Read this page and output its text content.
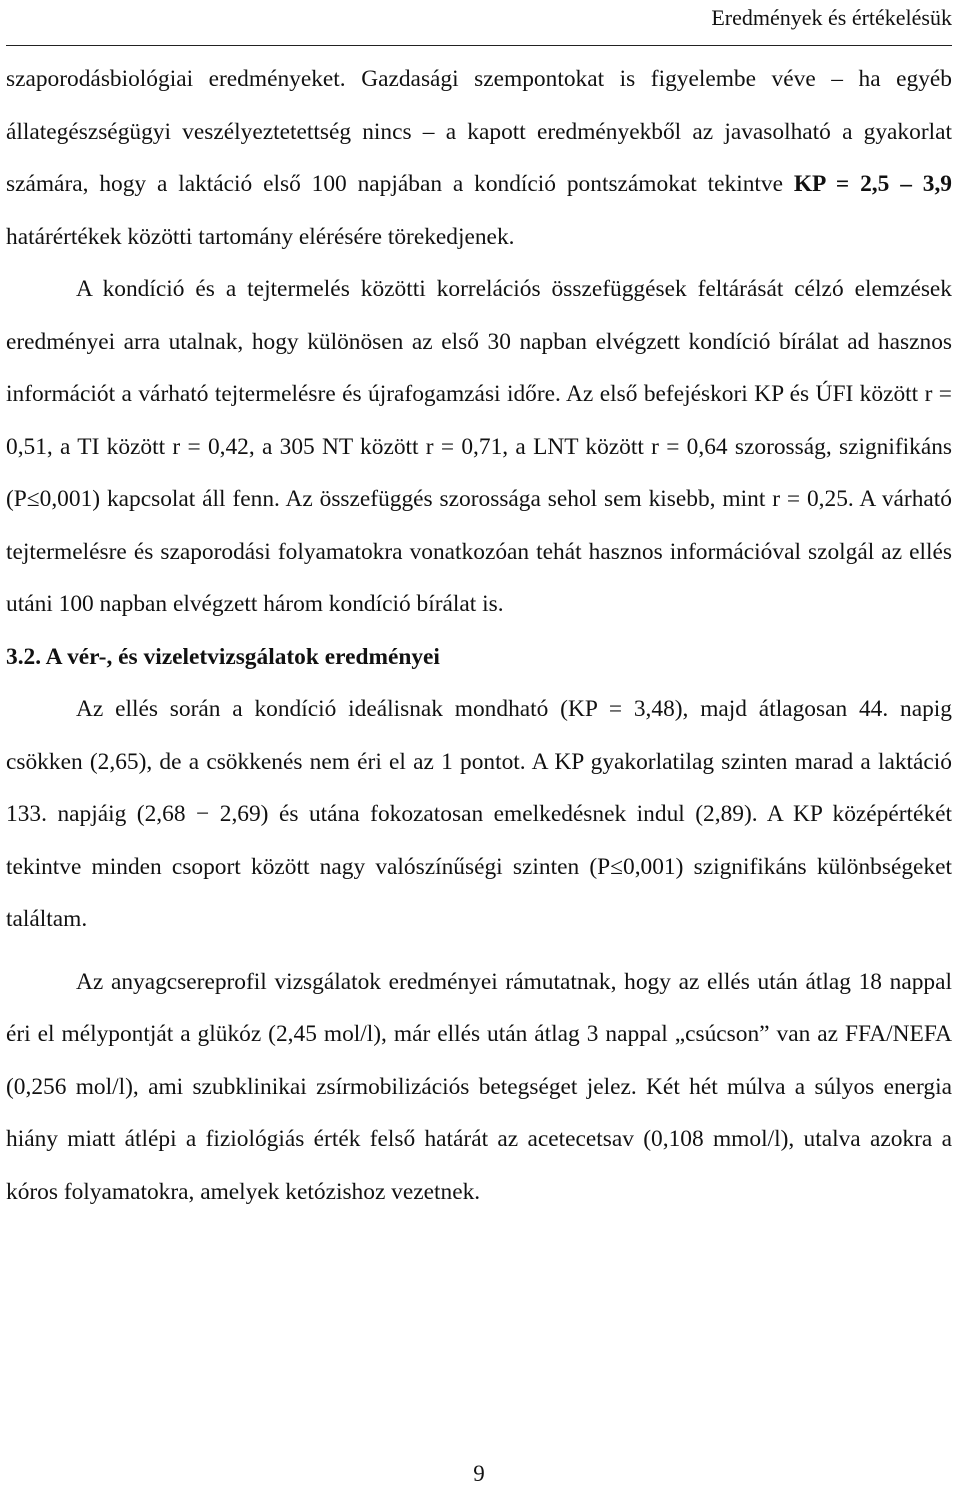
Eredmények és értékelésük

szaporodásbiológiai eredményeket. Gazdasági szempontokat is figyelembe véve – ha egyéb állategészségügyi veszélyeztetettség nincs – a kapott eredményekből az javasolható a gyakorlat számára, hogy a laktáció első 100 napjában a kondíció pontszámokat tekintve KP = 2,5 – 3,9 határértékek közötti tartomány elérésére törekedjenek.

A kondíció és a tejtermelés közötti korrelációs összefüggések feltárását célzó elemzések eredményei arra utalnak, hogy különösen az első 30 napban elvégzett kondíció bírálat ad hasznos információt a várható tejtermelésre és újrafogamzási időre. Az első befejéskori KP és ÚFI között r = 0,51, a TI között r = 0,42, a 305 NT között r = 0,71, a LNT között r = 0,64 szorosság, szignifikáns (P≤0,001) kapcsolat áll fenn. Az összefüggés szorossága sehol sem kisebb, mint r = 0,25. A várható tejtermelésre és szaporodási folyamatokra vonatkozóan tehát hasznos információval szolgál az ellés utáni 100 napban elvégzett három kondíció bírálat is.

3.2. A vér-, és vizeletvizsgálatok eredményei

Az ellés során a kondíció ideálisnak mondható (KP = 3,48), majd átlagosan 44. napig csökken (2,65), de a csökkenés nem éri el az 1 pontot. A KP gyakorlatilag szinten marad a laktáció 133. napjáig (2,68 − 2,69) és utána fokozatosan emelkedésnek indul (2,89). A KP középértékét tekintve minden csoport között nagy valószínűségi szinten (P≤0,001) szignifikáns különbségeket találtam.

Az anyagcsereprofil vizsgálatok eredményei rámutatnak, hogy az ellés után átlag 18 nappal éri el mélypontját a glükóz (2,45 mol/l), már ellés után átlag 3 nappal „csúcson” van az FFA/NEFA (0,256 mol/l), ami szubklinikai zsírmobilizációs betegséget jelez. Két hét múlva a súlyos energia hiány miatt átlépi a fiziológiás érték felső határát az acetecetsav (0,108 mmol/l), utalva azokra a kóros folyamatokra, amelyek ketózishoz vezetnek.

9
